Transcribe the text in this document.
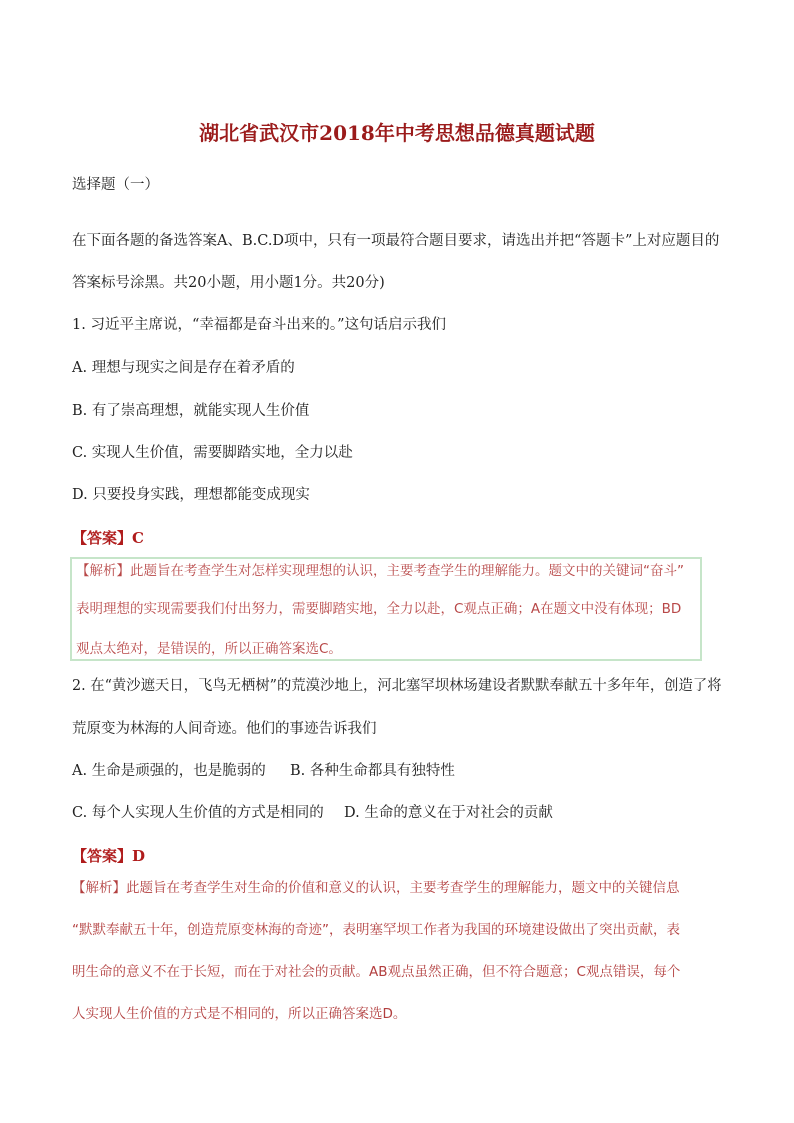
湖北省武汉市2018年中考思想品德真题试题
选择题（一）
在下面各题的备选答案A、B.C.D项中，只有一项最符合题目要求，请选出并把“答题卡”上对应题目的
答案标号涂黑。共20小题，用小题1分。共20分)
1. 习近平主席说，“幸福都是奋斗出来的。”这句话启示我们
A. 理想与现实之间是存在着矛盾的
B. 有了崇高理想，就能实现人生价值
C. 实现人生价值，需要脚踏实地，全力以赴
D. 只要投身实践，理想都能变成现实
【答案】C
【解析】此题旨在考查学生对怎样实现理想的认识，主要考查学生的理解能力。题文中的关键词“奋斗”
表明理想的实现需要我们付出努力，需要脚踏实地，全力以赴，C观点正确；A在题文中没有体现；BD
观点太绝对，是错误的，所以正确答案选C。
2. 在“黄沙遮天日，飞鸟无栖树”的荒漠沙地上，河北塞罕坝林场建设者默默奉献五十多年年，创造了将
荒原变为林海的人间奇迹。他们的事迹告诉我们
A. 生命是顽强的，也是脆弱的 B. 各种生命都具有独特性
C. 每个人实现人生价值的方式是相同的 D. 生命的意义在于对社会的贡献
【答案】D
【解析】此题旨在考查学生对生命的价值和意义的认识，主要考查学生的理解能力，题文中的关键信息
“默默奉献五十年，创造荒原变林海的奇迹”，表明塞罕坝工作者为我国的环境建设做出了突出贡献，表
明生命的意义不在于长短，而在于对社会的贡献。AB观点虽然正确，但不符合题意；C观点错误，每个
人实现人生价值的方式是不相同的，所以正确答案选D。
